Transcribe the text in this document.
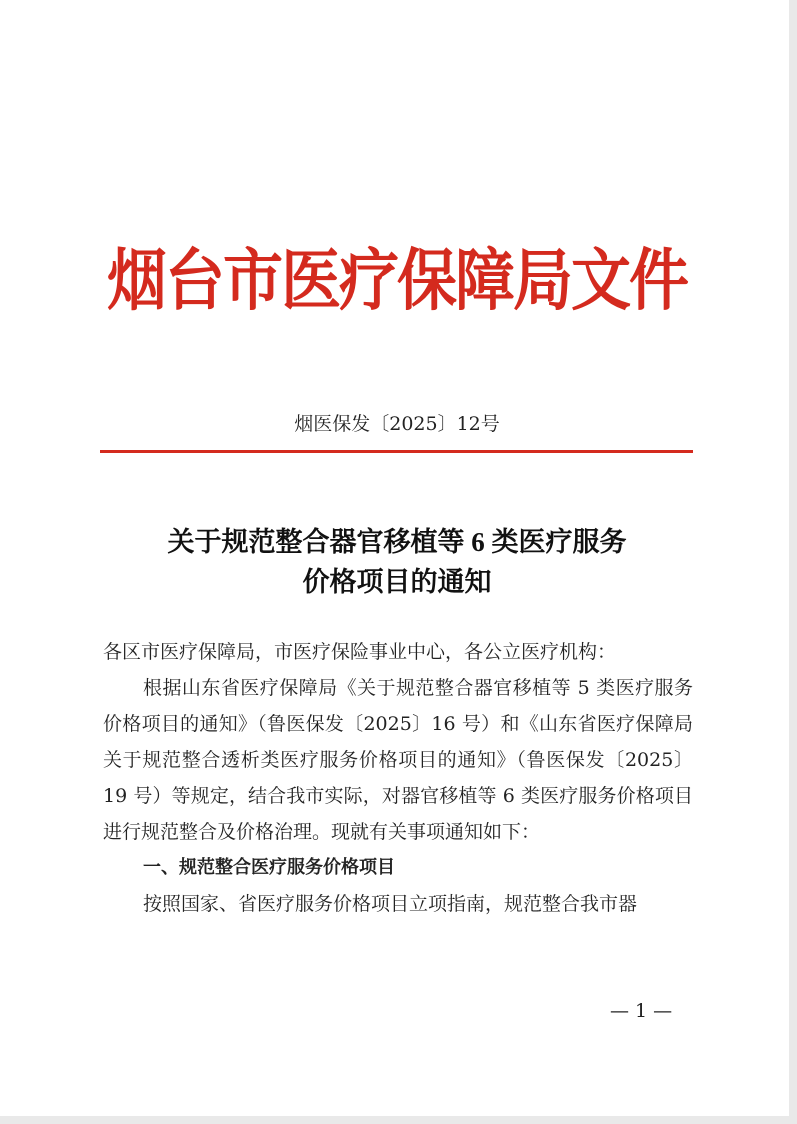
烟台市医疗保障局文件
烟医保发〔2025〕12号
关于规范整合器官移植等 6 类医疗服务
价格项目的通知

各区市医疗保障局，市医疗保险事业中心，各公立医疗机构：

根据山东省医疗保障局《关于规范整合器官移植等 5 类医疗服务价格项目的通知》（鲁医保发〔2025〕16 号）和《山东省医疗保障局关于规范整合透析类医疗服务价格项目的通知》（鲁医保发〔2025〕19 号）等规定，结合我市实际，对器官移植等 6 类医疗服务价格项目进行规范整合及价格治理。现就有关事项通知如下：

一、规范整合医疗服务价格项目

按照国家、省医疗服务价格项目立项指南，规范整合我市器

— 1 —
